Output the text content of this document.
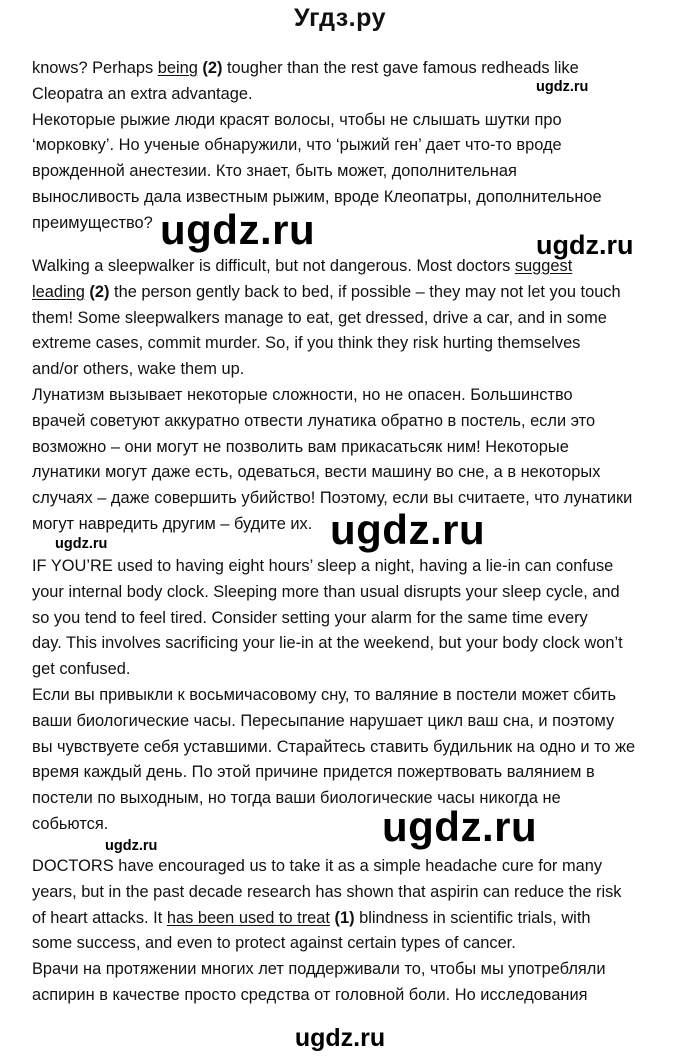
Угдз.ру
knows? Perhaps being (2) tougher than the rest gave famous redheads like
Cleopatra an extra advantage.
Некоторые рыжие люди красят волосы, чтобы не слышать шутки про
‘морковку’. Но ученые обнаружили, что ‘рыжий ген’ дает что-то вроде
врожденной анестезии. Кто знает, быть может, дополнительная
выносливость дала известным рыжим, вроде Клеопатры, дополнительное
преимущество?
Walking a sleepwalker is difficult, but not dangerous. Most doctors suggest
leading (2) the person gently back to bed, if possible – they may not let you touch
them! Some sleepwalkers manage to eat, get dressed, drive a car, and in some
extreme cases, commit murder. So, if you think they risk hurting themselves
and/or others, wake them up.
Лунатизм вызывает некоторые сложности, но не опасен. Большинство
врачей советуют аккуратно отвести лунатика обратно в постель, если это
возможно – они могут не позволить вам прикасатьсяк ним! Некоторые
лунатики могут даже есть, одеваться, вести машину во сне, а в некоторых
случаях – даже совершить убийство! Поэтому, если вы считаете, что лунатики
могут навредить другим – будите их.
IF YOU’RE used to having eight hours’ sleep a night, having a lie-in can confuse
your internal body clock. Sleeping more than usual disrupts your sleep cycle, and
so you tend to feel tired. Consider setting your alarm for the same time every
day. This involves sacrificing your lie-in at the weekend, but your body clock won’t
get confused.
Если вы привыкли к восьмичасовому сну, то валяние в постели может сбить
ваши биологические часы. Пересыпание нарушает цикл ваш сна, и поэтому
вы чувствуете себя уставшими. Старайтесь ставить будильник на одно и то же
время каждый день. По этой причине придется пожертвовать валянием в
постели по выходным, но тогда ваши биологические часы никогда не
собьются.
DOCTORS have encouraged us to take it as a simple headache cure for many
years, but in the past decade research has shown that aspirin can reduce the risk
of heart attacks. It has been used to treat (1) blindness in scientific trials, with
some success, and even to protect against certain types of cancer.
Врачи на протяжении многих лет поддерживали то, чтобы мы употребляли
аспирин в качестве просто средства от головной боли. Но исследования
ugdz.ru
ugdz.ru	ugdz.ru
ugdz.ru
ugdz.ru
ugdz.ru
ugdz.ru
ugdz.ru
